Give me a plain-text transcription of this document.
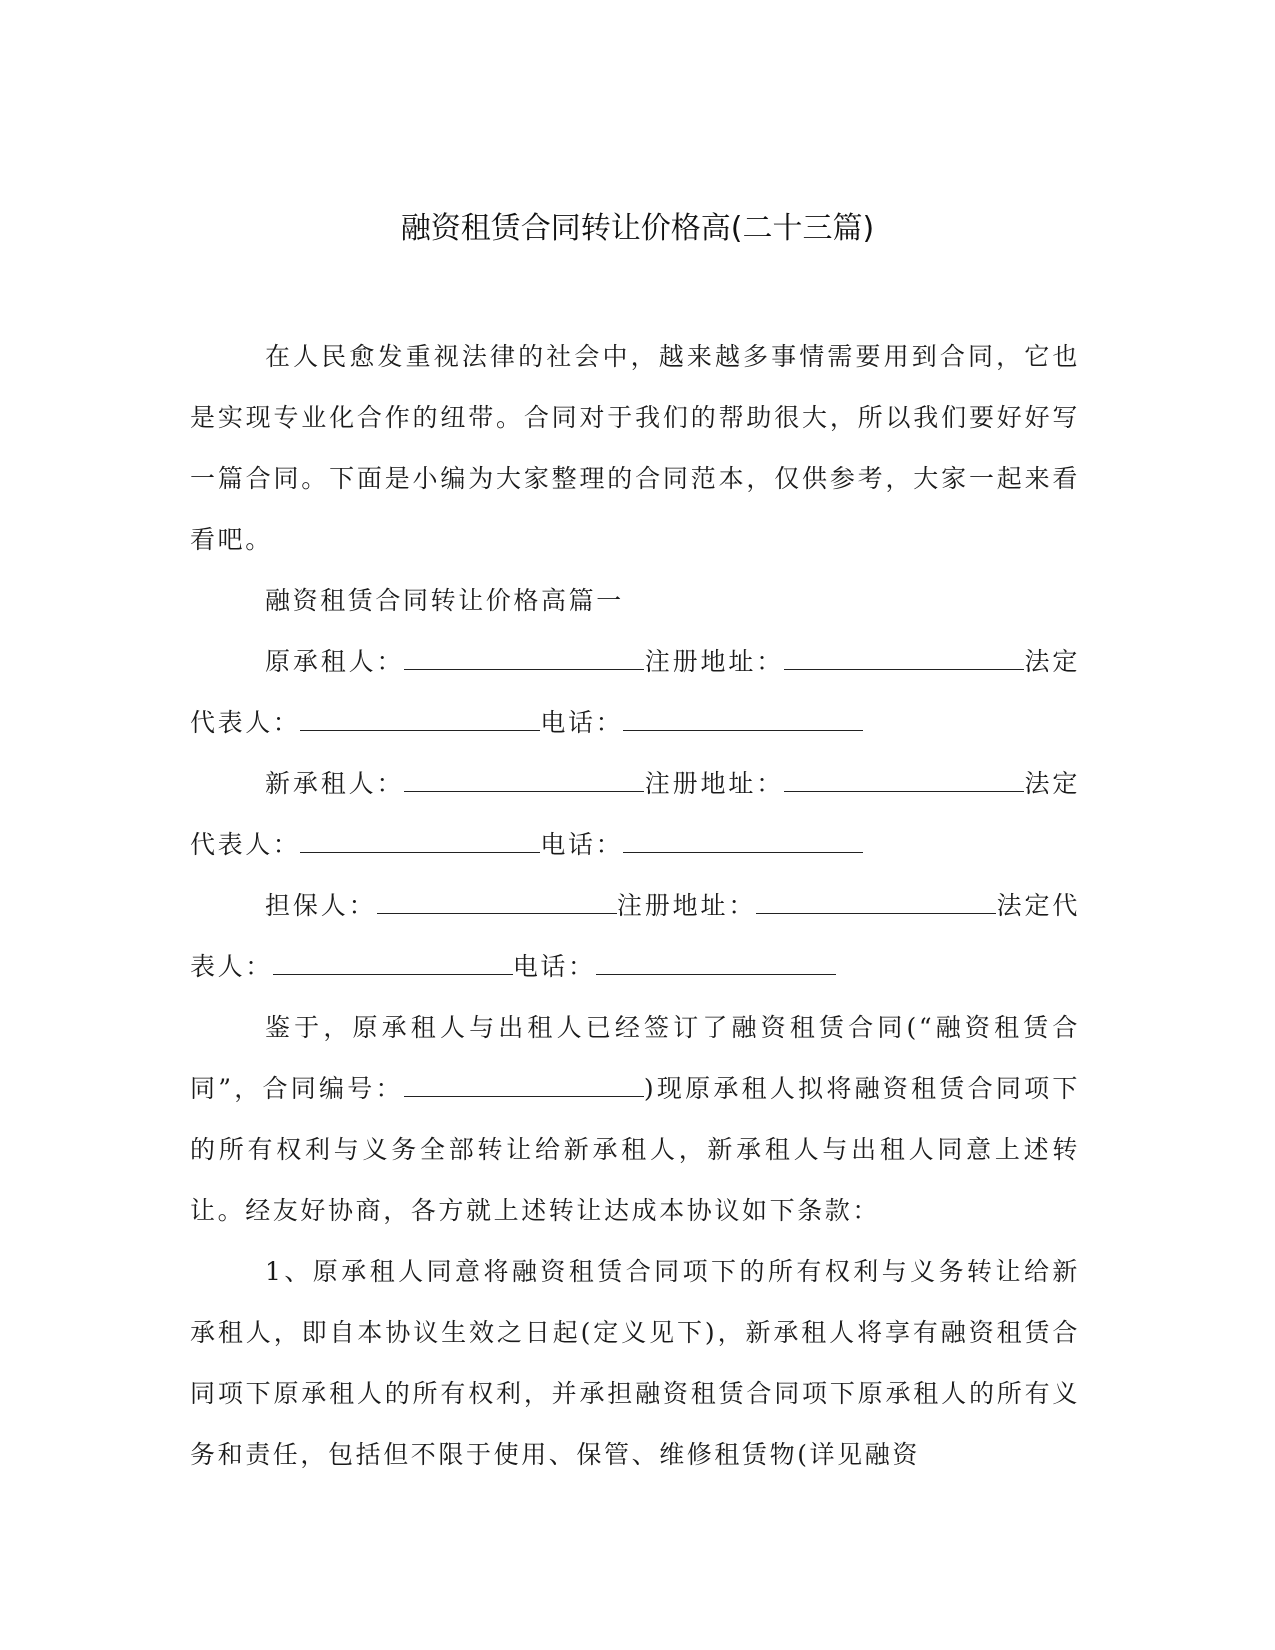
融资租赁合同转让价格高(二十三篇)

在人民愈发重视法律的社会中，越来越多事情需要用到合同，它也是实现专业化合作的纽带。合同对于我们的帮助很大，所以我们要好好写一篇合同。下面是小编为大家整理的合同范本，仅供参考，大家一起来看看吧。

融资租赁合同转让价格高篇一

原承租人：	注册地址：	法定代表人：	电话：

新承租人：	注册地址：	法定代表人：	电话：

担保人：	注册地址：	法定代表人：	电话：

鉴于，原承租人与出租人已经签订了融资租赁合同(“融资租赁合同”，合同编号：	)现原承租人拟将融资租赁合同项下的所有权利与义务全部转让给新承租人，新承租人与出租人同意上述转让。经友好协商，各方就上述转让达成本协议如下条款：

1、原承租人同意将融资租赁合同项下的所有权利与义务转让给新承租人，即自本协议生效之日起(定义见下)，新承租人将享有融资租赁合同项下原承租人的所有权利，并承担融资租赁合同项下原承租人的所有义务和责任，包括但不限于使用、保管、维修租赁物(详见融资
